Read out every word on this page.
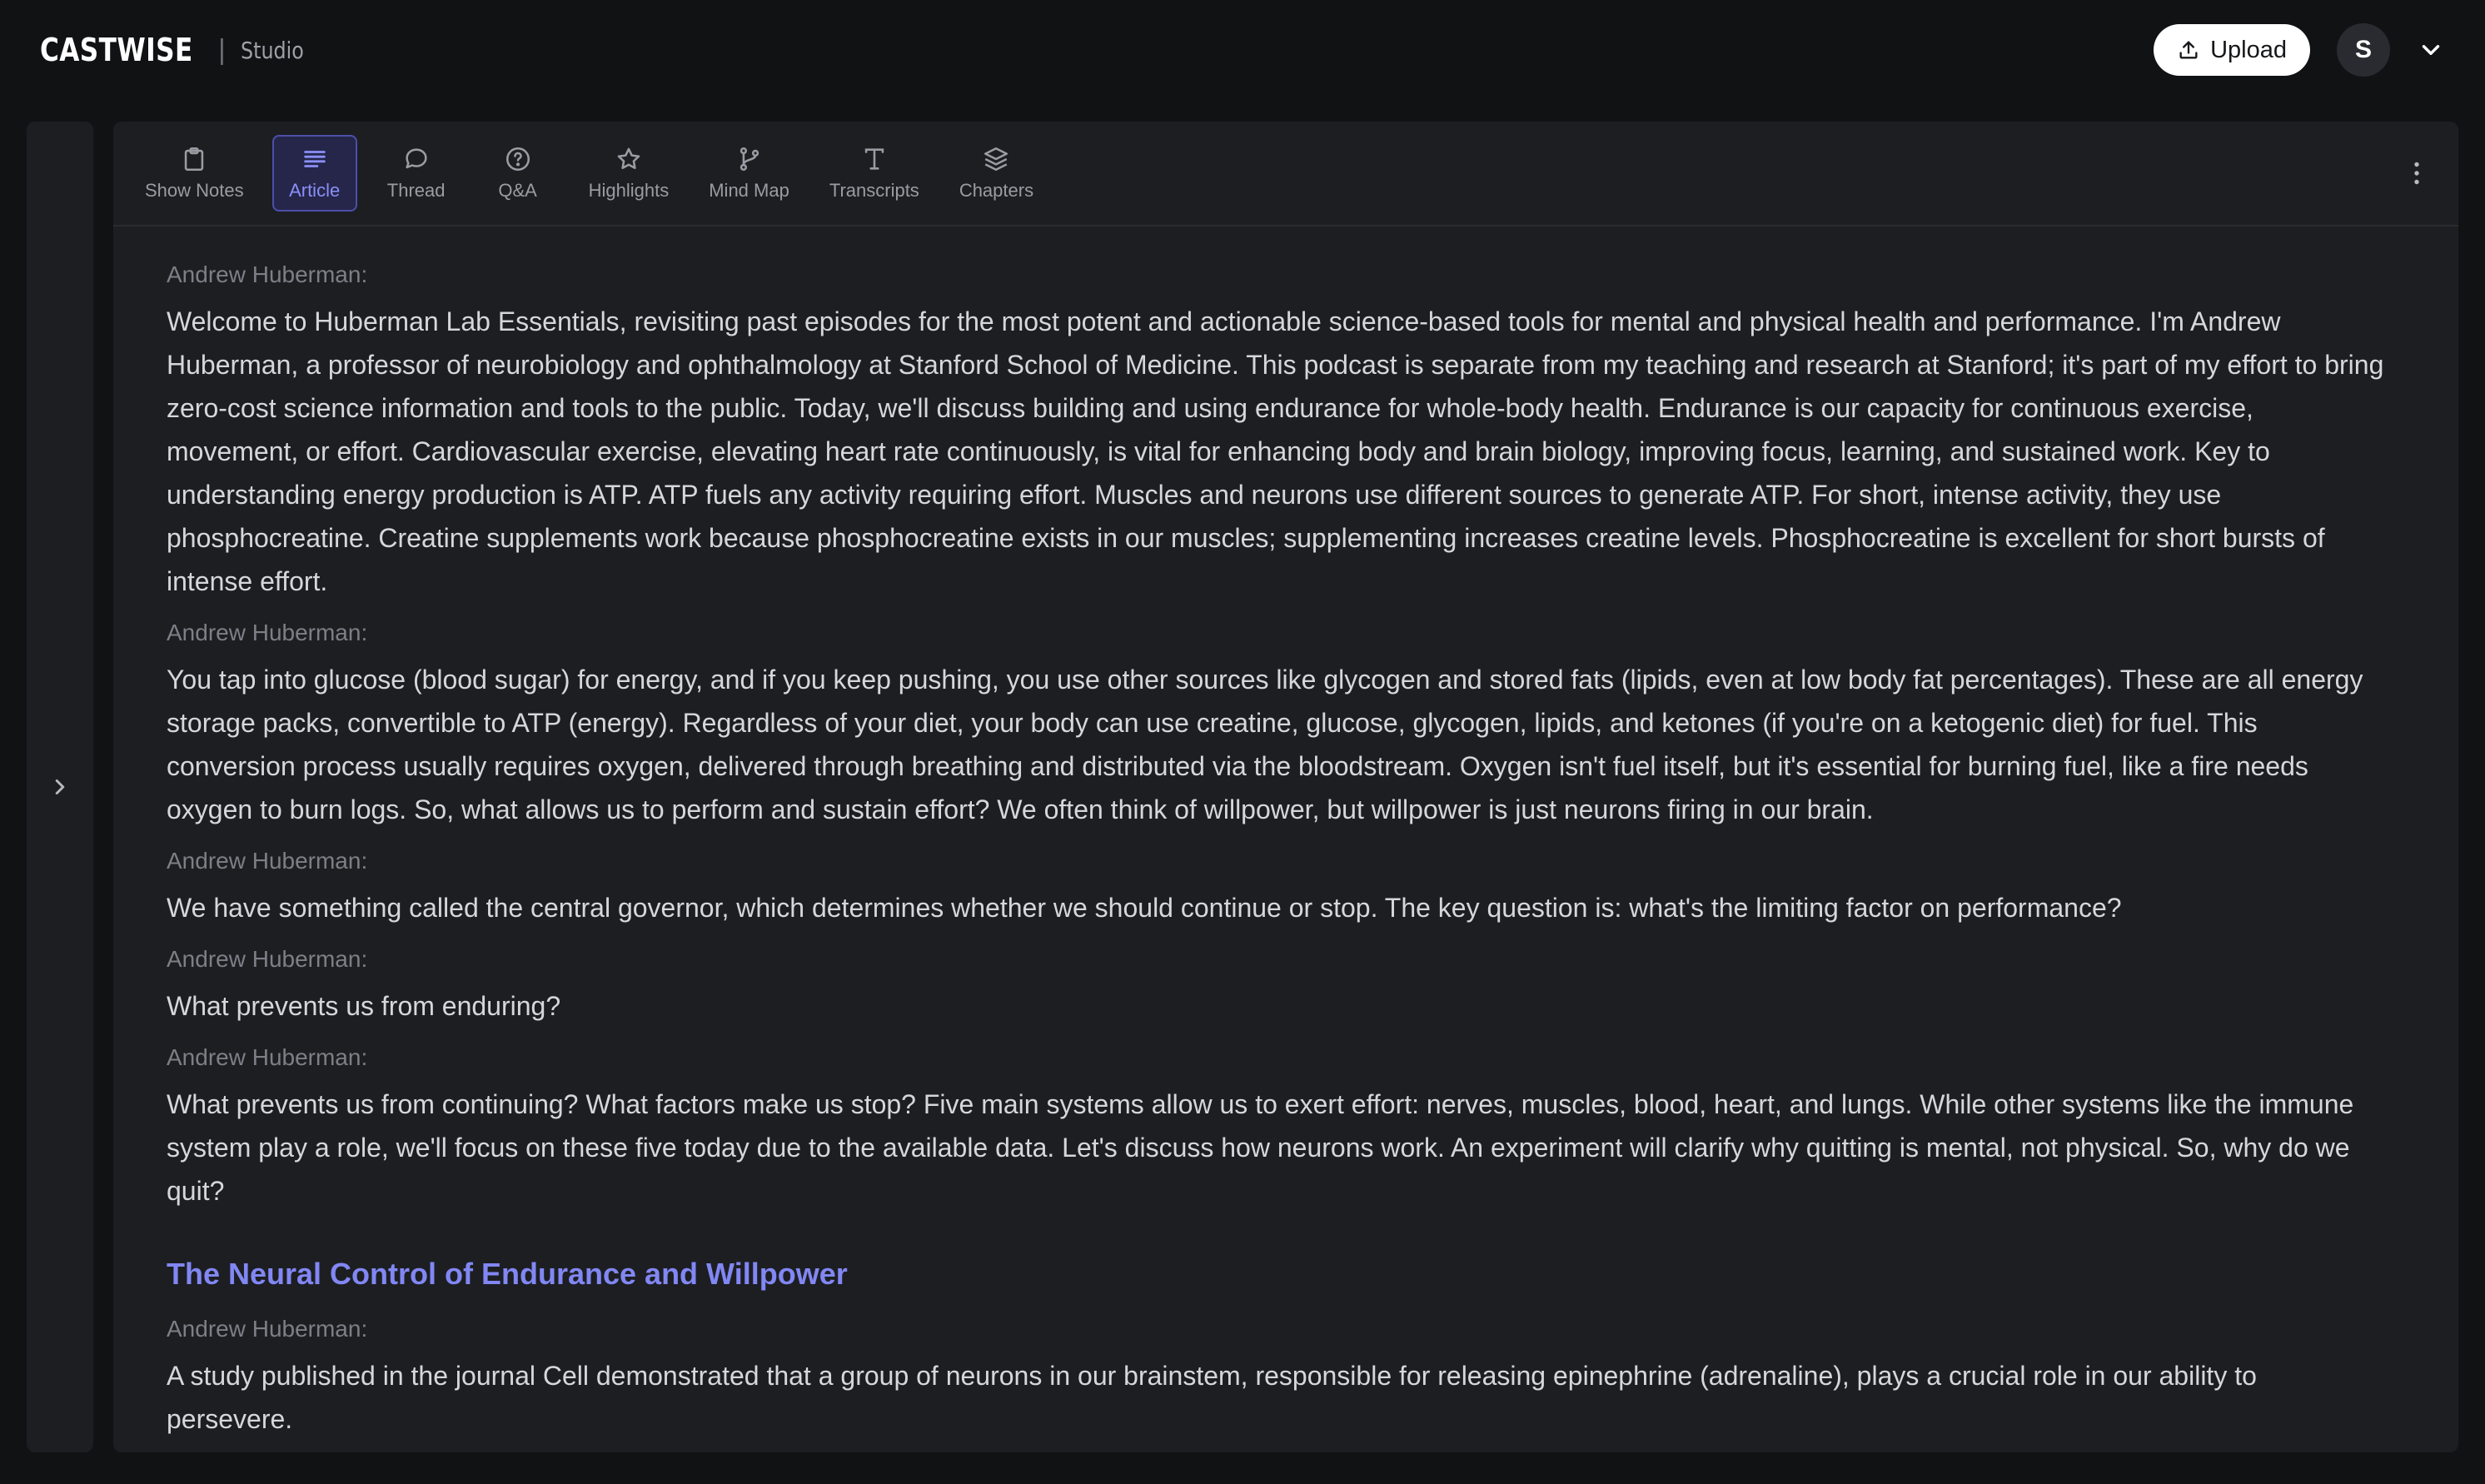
CASTWISE | Studio	Upload	S
Show Notes Article	Thread	Q&A	Highlights Mind Map Transcripts Chapters
Andrew Huberman:

Welcome to Huberman Lab Essentials, revisiting past episodes for the most potent and actionable science-based tools for mental and physical health and performance. I'm Andrew Huberman, a professor of neurobiology and ophthalmology at Stanford School of Medicine. This podcast is separate from my teaching and research at Stanford; it's part of my effort to bring zero-cost science information and tools to the public. Today, we'll discuss building and using endurance for whole-body health. Endurance is our capacity for continuous exercise, movement, or effort. Cardiovascular exercise, elevating heart rate continuously, is vital for enhancing body and brain biology, improving focus, learning, and sustained work. Key to understanding energy production is ATP. ATP fuels any activity requiring effort. Muscles and neurons use different sources to generate ATP. For short, intense activity, they use phosphocreatine. Creatine supplements work because phosphocreatine exists in our muscles; supplementing increases creatine levels. Phosphocreatine is excellent for short bursts of intense effort.

Andrew Huberman:

You tap into glucose (blood sugar) for energy, and if you keep pushing, you use other sources like glycogen and stored fats (lipids, even at low body fat percentages). These are all energy storage packs, convertible to ATP (energy). Regardless of your diet, your body can use creatine, glucose, glycogen, lipids, and ketones (if you're on a ketogenic diet) for fuel. This conversion process usually requires oxygen, delivered through breathing and distributed via the bloodstream. Oxygen isn't fuel itself, but it's essential for burning fuel, like a fire needs oxygen to burn logs. So, what allows us to perform and sustain effort? We often think of willpower, but willpower is just neurons firing in our brain.

Andrew Huberman:

We have something called the central governor, which determines whether we should continue or stop. The key question is: what's the limiting factor on performance?

Andrew Huberman:

What prevents us from enduring?

Andrew Huberman:

What prevents us from continuing? What factors make us stop? Five main systems allow us to exert effort: nerves, muscles, blood, heart, and lungs. While other systems like the immune system play a role, we'll focus on these five today due to the available data. Let's discuss how neurons work. An experiment will clarify why quitting is mental, not physical. So, why do we quit?

The Neural Control of Endurance and Willpower
Andrew Huberman:

A study published in the journal Cell demonstrated that a group of neurons in our brainstem, responsible for releasing epinephrine (adrenaline), plays a crucial role in our ability to persevere.
